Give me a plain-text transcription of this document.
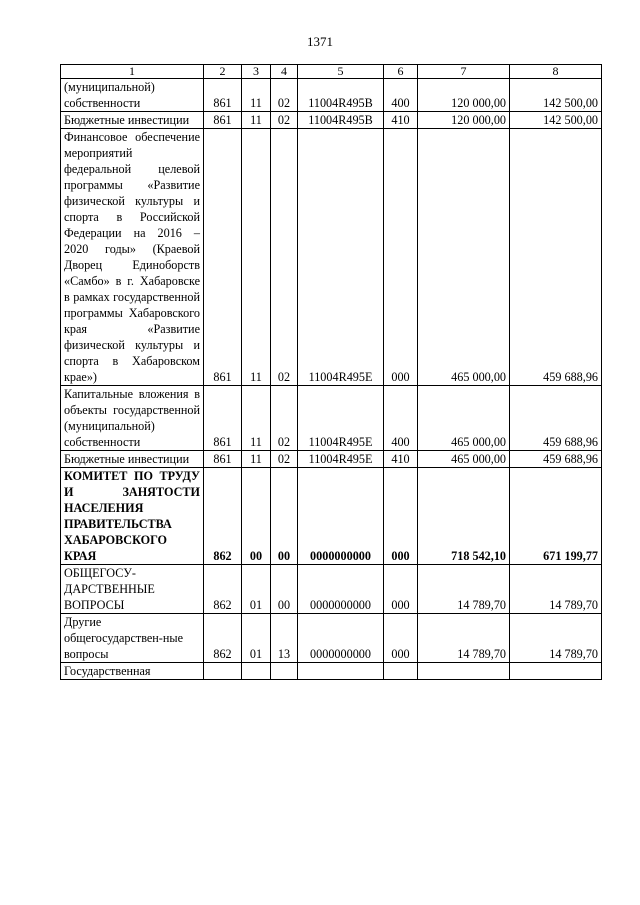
1371
1	2	3	4	5	6	7	8
(муниципальной) собственности	861	11	02	11004R495B	400	120 000,00	142 500,00
Бюджетные инвестиции	861	11	02	11004R495B	410	120 000,00	142 500,00
Финансовое обеспечение мероприятий федеральной целевой программы «Развитие физической культуры и спорта в Российской Федерации на 2016 – 2020 годы» (Краевой Дворец Единоборств «Самбо» в г. Хабаровске в рамках государственной программы Хабаровского края «Развитие физической культуры и спорта в Хабаровском крае»)	861	11	02	11004R495E	000	465 000,00	459 688,96
Капитальные вложения в объекты государственной (муниципальной) собственности	861	11	02	11004R495E	400	465 000,00	459 688,96
Бюджетные инвестиции	861	11	02	11004R495E	410	465 000,00	459 688,96
КОМИТЕТ ПО ТРУДУ И ЗАНЯТОСТИ НАСЕЛЕНИЯ ПРАВИТЕЛЬСТВА ХАБАРОВСКОГО КРАЯ	862	00	00	0000000000	000	718 542,10	671 199,77
ОБЩЕГОСУ-ДАРСТВЕННЫЕ ВОПРОСЫ	862	01	00	0000000000	000	14 789,70	14 789,70
Другие общегосударствен-ные вопросы	862	01	13	0000000000	000	14 789,70	14 789,70
Государственная							
